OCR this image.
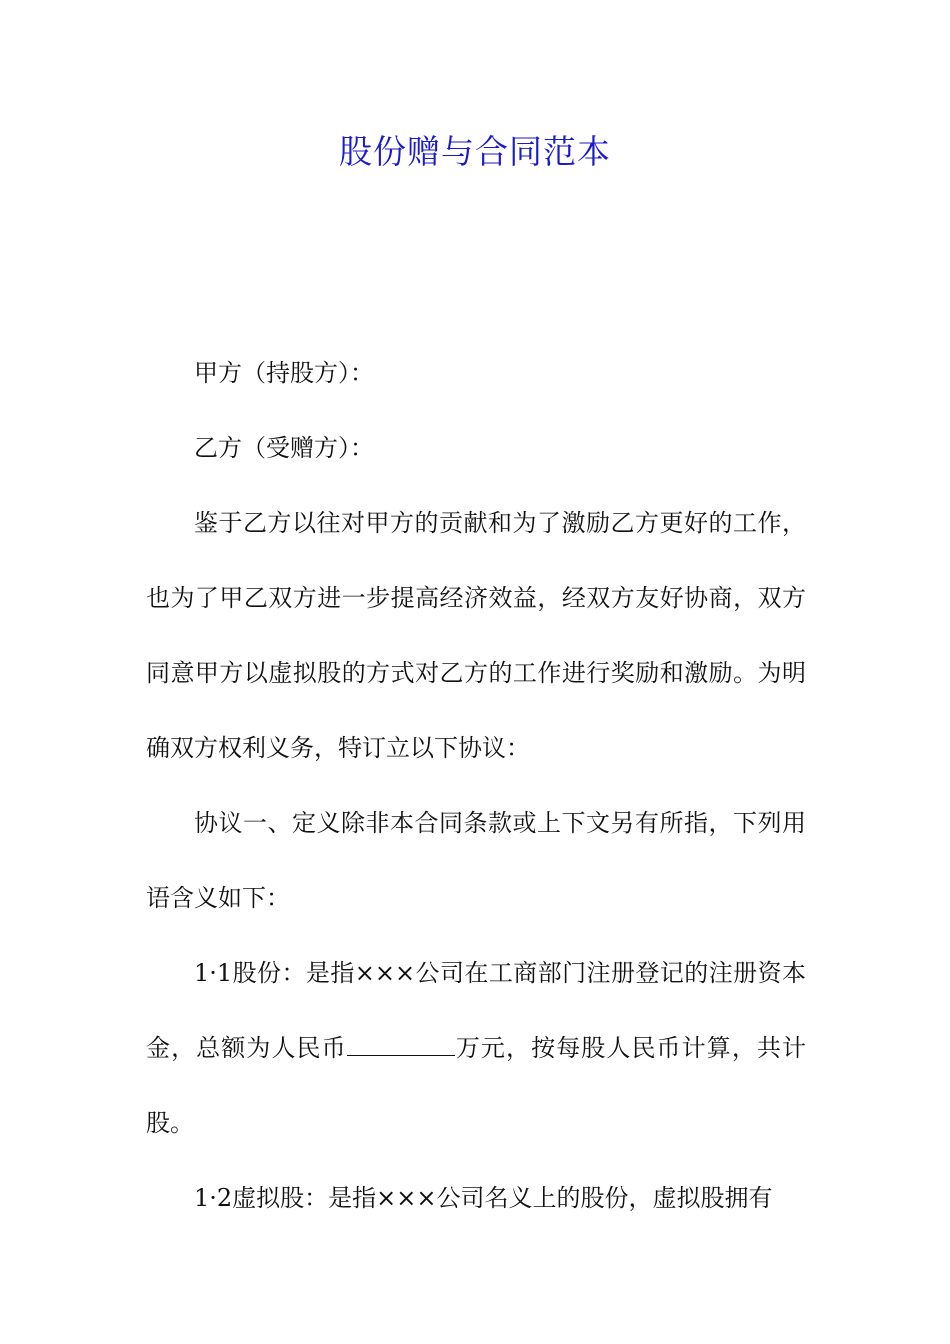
股份赠与合同范本

甲方（持股方）：

乙方（受赠方）：

鉴于乙方以往对甲方的贡献和为了激励乙方更好的工作，也为了甲乙双方进一步提高经济效益，经双方友好协商，双方同意甲方以虚拟股的方式对乙方的工作进行奖励和激励。为明确双方权利义务，特订立以下协议：

协议一、定义除非本合同条款或上下文另有所指，下列用语含义如下：

1·1股份：是指×××公司在工商部门注册登记的注册资本金，总额为人民币	万元，按每股人民币计算，共计股。

1·2虚拟股：是指×××公司名义上的股份，虚拟股拥有
